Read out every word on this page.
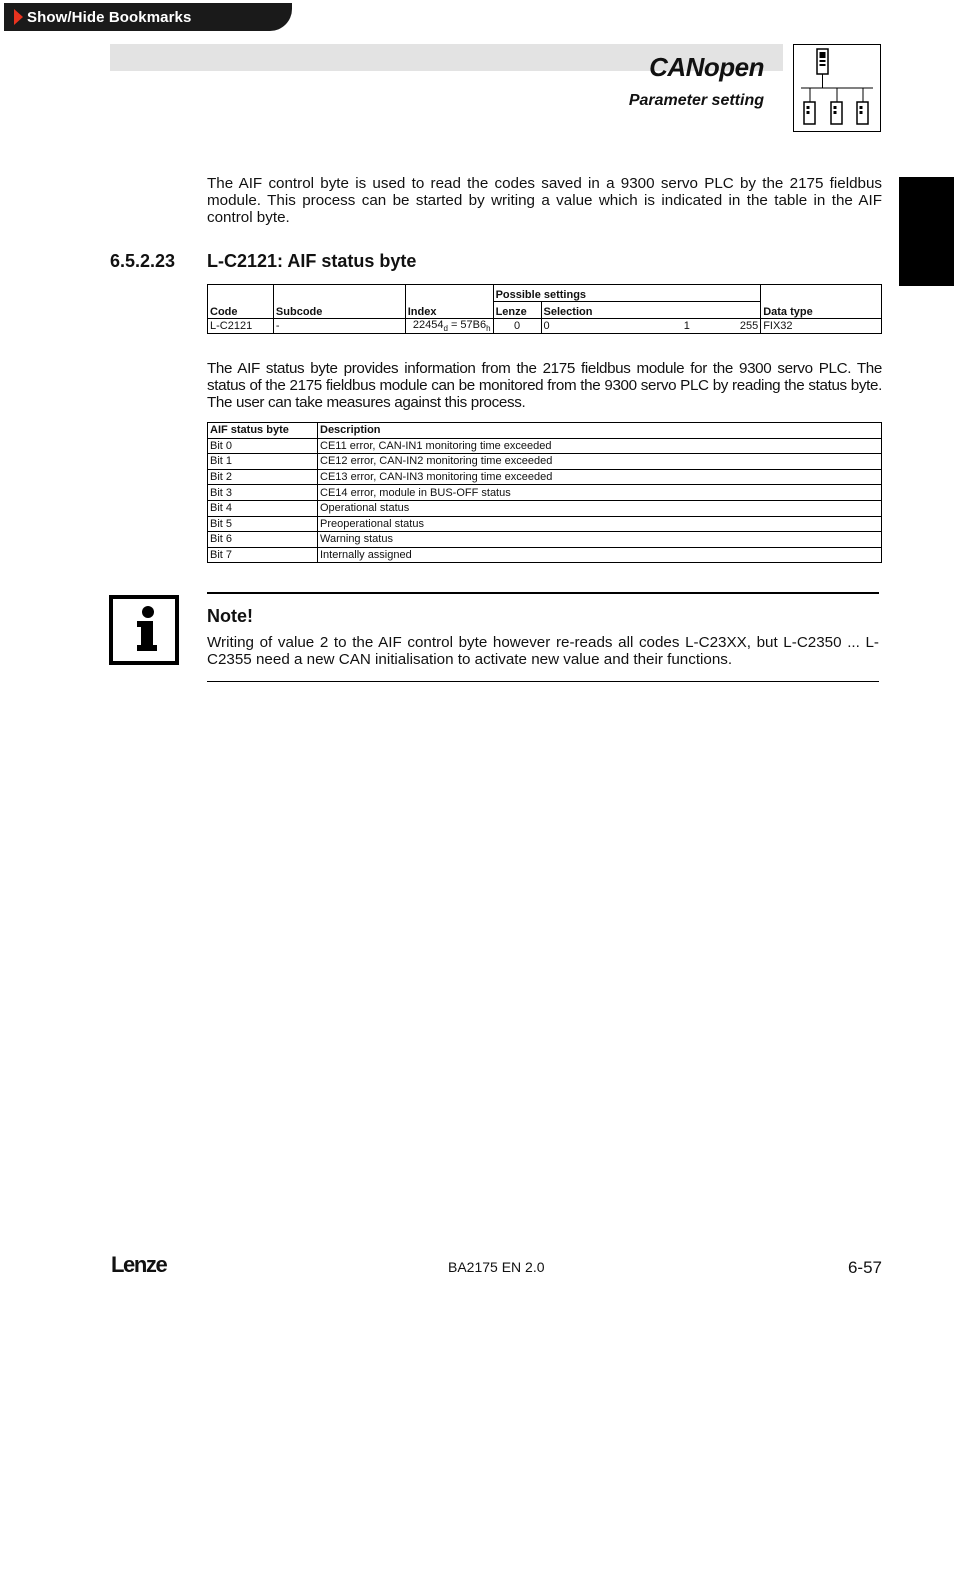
Show/Hide Bookmarks
CANopen
Parameter setting

The AIF control byte is used to read the codes saved in a 9300 servo PLC by the 2175 fieldbus module. This process can be started by writing a value which is indicated in the table in the AIF control byte.

6.5.2.23 L-C2121: AIF status byte
			Possible settings		
Code	Subcode	Index	Lenze	Selection	Data type
L-C2121	-	$22454_d = 57B6_h$	0	0 1 255	FIX32

The AIF status byte provides information from the 2175 fieldbus module for the 9300 servo PLC. The status of the 2175 fieldbus module can be monitored from the 9300 servo PLC by reading the status byte. The user can take measures against this process.

AIF status byte	Description
Bit 0	CE11 error, CAN-IN1 monitoring time exceeded
Bit 1	CE12 error, CAN-IN2 monitoring time exceeded
Bit 2	CE13 error, CAN-IN3 monitoring time exceeded
Bit 3	CE14 error, module in BUS-OFF status
Bit 4	Operational status
Bit 5	Preoperational status
Bit 6	Warning status
Bit 7	Internally assigned
Note!

Writing of value 2 to the AIF control byte however re-reads all codes L-C23XX, but L-C2350 ... L-C2355 need a new CAN initialisation to activate new value and their functions.

Lenze	BA2175 EN 2.0	6-57
